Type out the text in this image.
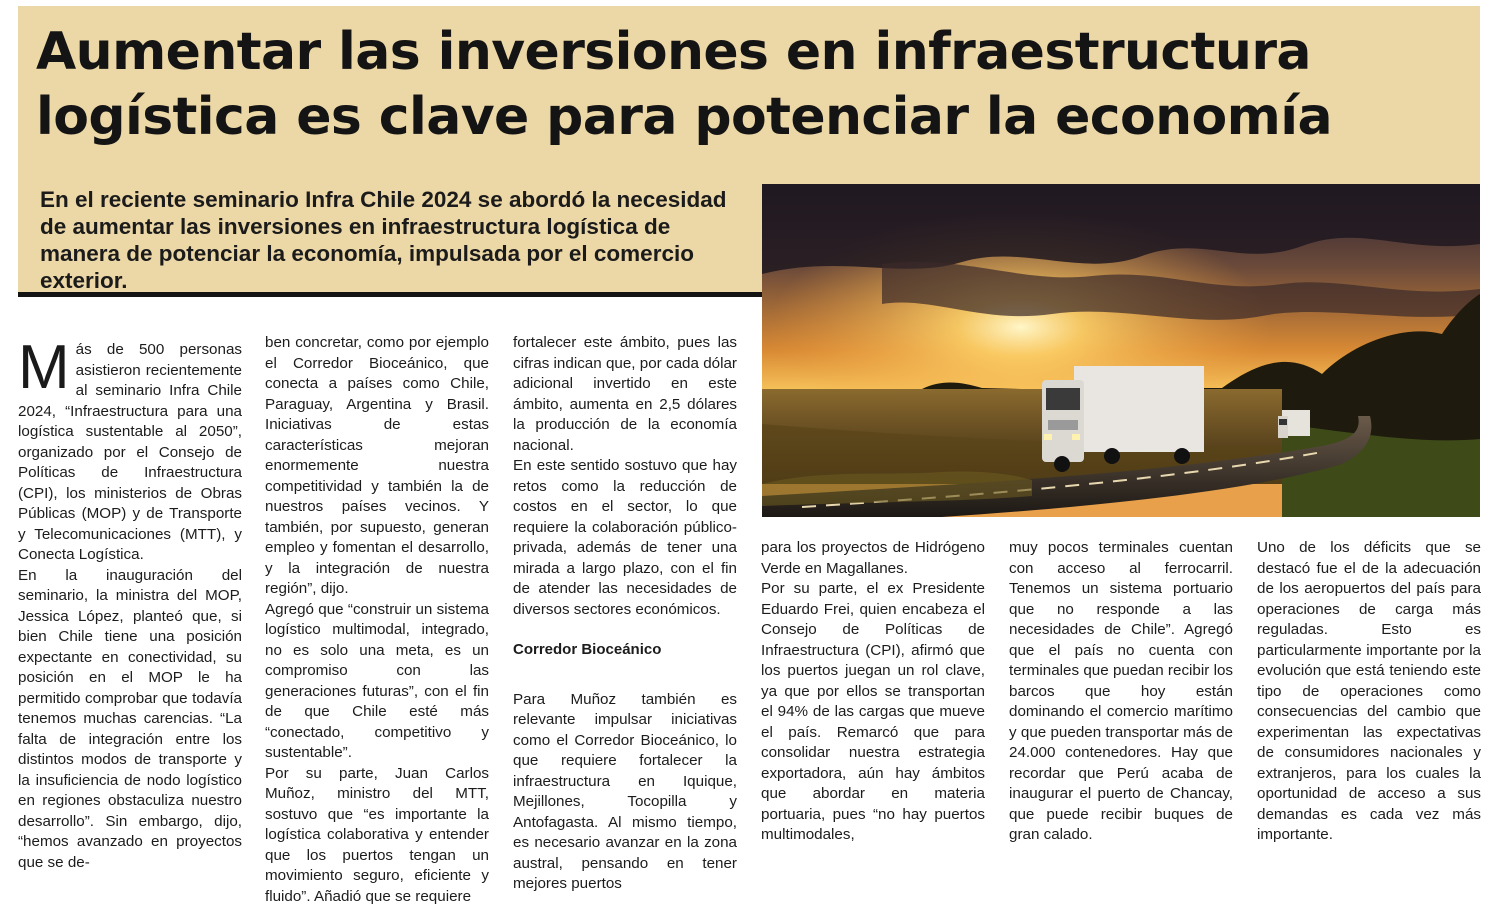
Aumentar las inversiones en infraestructura
logística es clave para potenciar la economía

En el reciente seminario Infra Chile 2024 se abordó la necesidad de aumentar las inversiones en infraestructura logística de manera de potenciar la economía, impulsada por el comercio exterior.

M ás de 500 personas asistieron recientemente al seminario Infra Chile 2024, “Infraestructura para una logística sustentable al 2050”, organizado por el Consejo de Políticas de Infraestructura (CPI), los ministerios de Obras Públicas (MOP) y de Transporte y Telecomunicaciones (MTT), y Conecta Logística.

En la inauguración del seminario, la ministra del MOP, Jessica López, planteó que, si bien Chile tiene una posición expectante en conectividad, su posición en el MOP le ha permitido comprobar que todavía tenemos muchas carencias. “La falta de integración entre los distintos modos de transporte y la insuficiencia de nodo logístico en regiones obstaculiza nuestro desarrollo”. Sin embargo, dijo, “hemos avanzado en proyectos que se de-

ben concretar, como por ejemplo el Corredor Bioceánico, que conecta a países como Chile, Paraguay, Argentina y Brasil. Iniciativas de estas características mejoran enormemente nuestra competitividad y también la de nuestros países vecinos. Y también, por supuesto, generan empleo y fomentan el desarrollo, y la integración de nuestra región”, dijo.

Agregó que “construir un sistema logístico multimodal, integrado, no es solo una meta, es un compromiso con las generaciones futuras”, con el fin de que Chile esté más “conectado, competitivo y sustentable”.

Por su parte, Juan Carlos Muñoz, ministro del MTT, sostuvo que “es importante la logística colaborativa y entender que los puertos tengan un movimiento seguro, eficiente y fluido”. Añadió que se requiere

fortalecer este ámbito, pues las cifras indican que, por cada dólar adicional invertido en este ámbito, aumenta en 2,5 dólares la producción de la economía nacional.

En este sentido sostuvo que hay retos como la reducción de costos en el sector, lo que requiere la colaboración público-privada, además de tener una mirada a largo plazo, con el fin de atender las necesidades de diversos sectores económicos.

Corredor Bioceánico

Para Muñoz también es relevante impulsar iniciativas como el Corredor Bioceánico, lo que requiere fortalecer la infraestructura en Iquique, Mejillones, Tocopilla y Antofagasta. Al mismo tiempo, es necesario avanzar en la zona austral, pensando en tener mejores puertos

para los proyectos de Hidrógeno Verde en Magallanes.

Por su parte, el ex Presidente Eduardo Frei, quien encabeza el Consejo de Políticas de Infraestructura (CPI), afirmó que los puertos juegan un rol clave, ya que por ellos se transportan el 94% de las cargas que mueve el país. Remarcó que para consolidar nuestra estrategia exportadora, aún hay ámbitos que abordar en materia portuaria, pues “no hay puertos multimodales,

muy pocos terminales cuentan con acceso al ferrocarril. Tenemos un sistema portuario que no responde a las necesidades de Chile”. Agregó que el país no cuenta con terminales que puedan recibir los barcos que hoy están dominando el comercio marítimo y que pueden transportar más de 24.000 contenedores. Hay que recordar que Perú acaba de inaugurar el puerto de Chancay, que puede recibir buques de gran calado.

Uno de los déficits que se destacó fue el de la adecuación de los aeropuertos del país para operaciones de carga más reguladas. Esto es particularmente importante por la evolución que está teniendo este tipo de operaciones como consecuencias del cambio que experimentan las expectativas de consumidores nacionales y extranjeros, para los cuales la oportunidad de acceso a sus demandas es cada vez más importante.
